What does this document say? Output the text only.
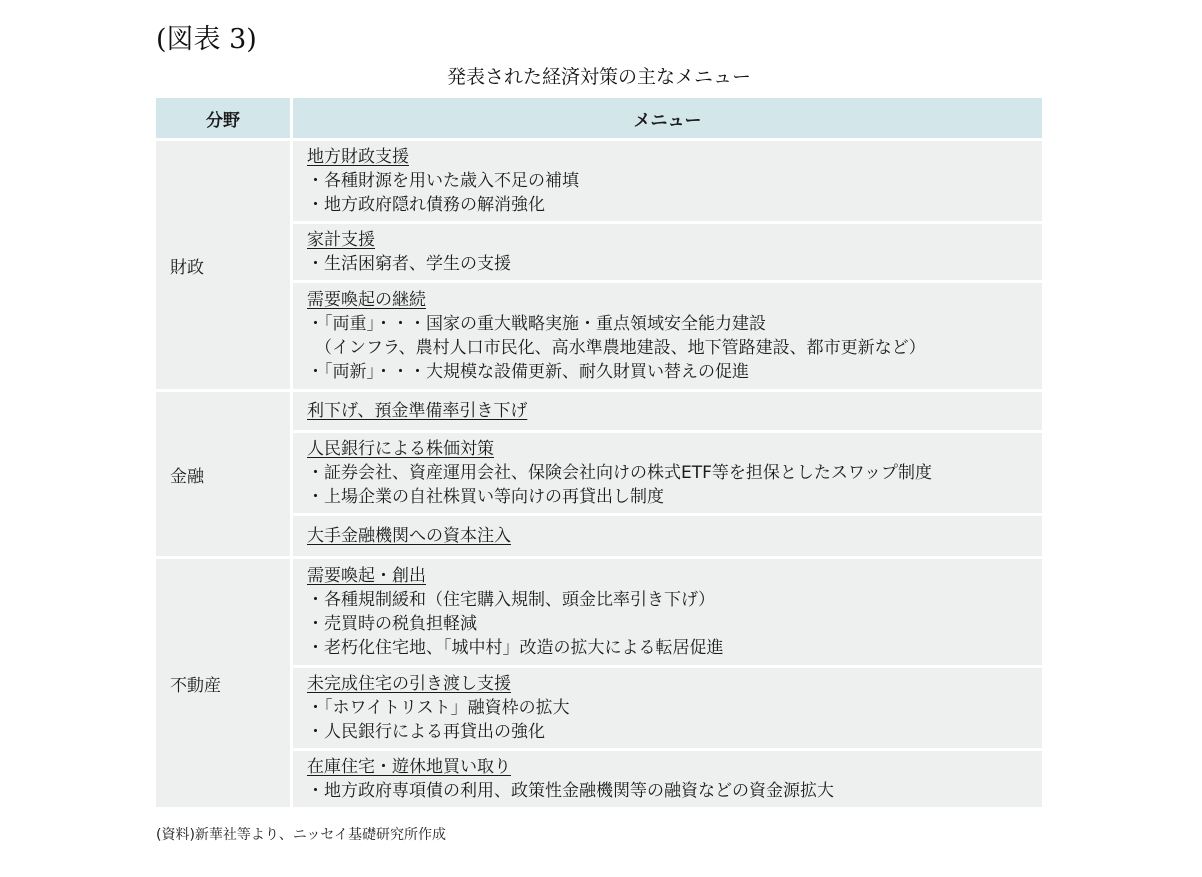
(図表 3)
発表された経済対策の主なメニュー
分野	メニュー
財政
地方財政支援
・各種財源を用いた歳入不足の補填
・地方政府隠れ債務の解消強化
家計支援
・生活困窮者、学生の支援
需要喚起の継続
・「両重」・・・国家の重大戦略実施・重点領域安全能力建設
（インフラ、農村人口市民化、高水準農地建設、地下管路建設、都市更新など）
・「両新」・・・大規模な設備更新、耐久財買い替えの促進
金融
利下げ、預金準備率引き下げ
人民銀行による株価対策
・証券会社、資産運用会社、保険会社向けの株式ETF等を担保としたスワップ制度
・上場企業の自社株買い等向けの再貸出し制度
大手金融機関への資本注入
不動産
需要喚起・創出
・各種規制緩和（住宅購入規制、頭金比率引き下げ）
・売買時の税負担軽減
・老朽化住宅地、「城中村」改造の拡大による転居促進
未完成住宅の引き渡し支援
・「ホワイトリスト」融資枠の拡大
・人民銀行による再貸出の強化
在庫住宅・遊休地買い取り
・地方政府専項債の利用、政策性金融機関等の融資などの資金源拡大
(資料)新華社等より、ニッセイ基礎研究所作成
